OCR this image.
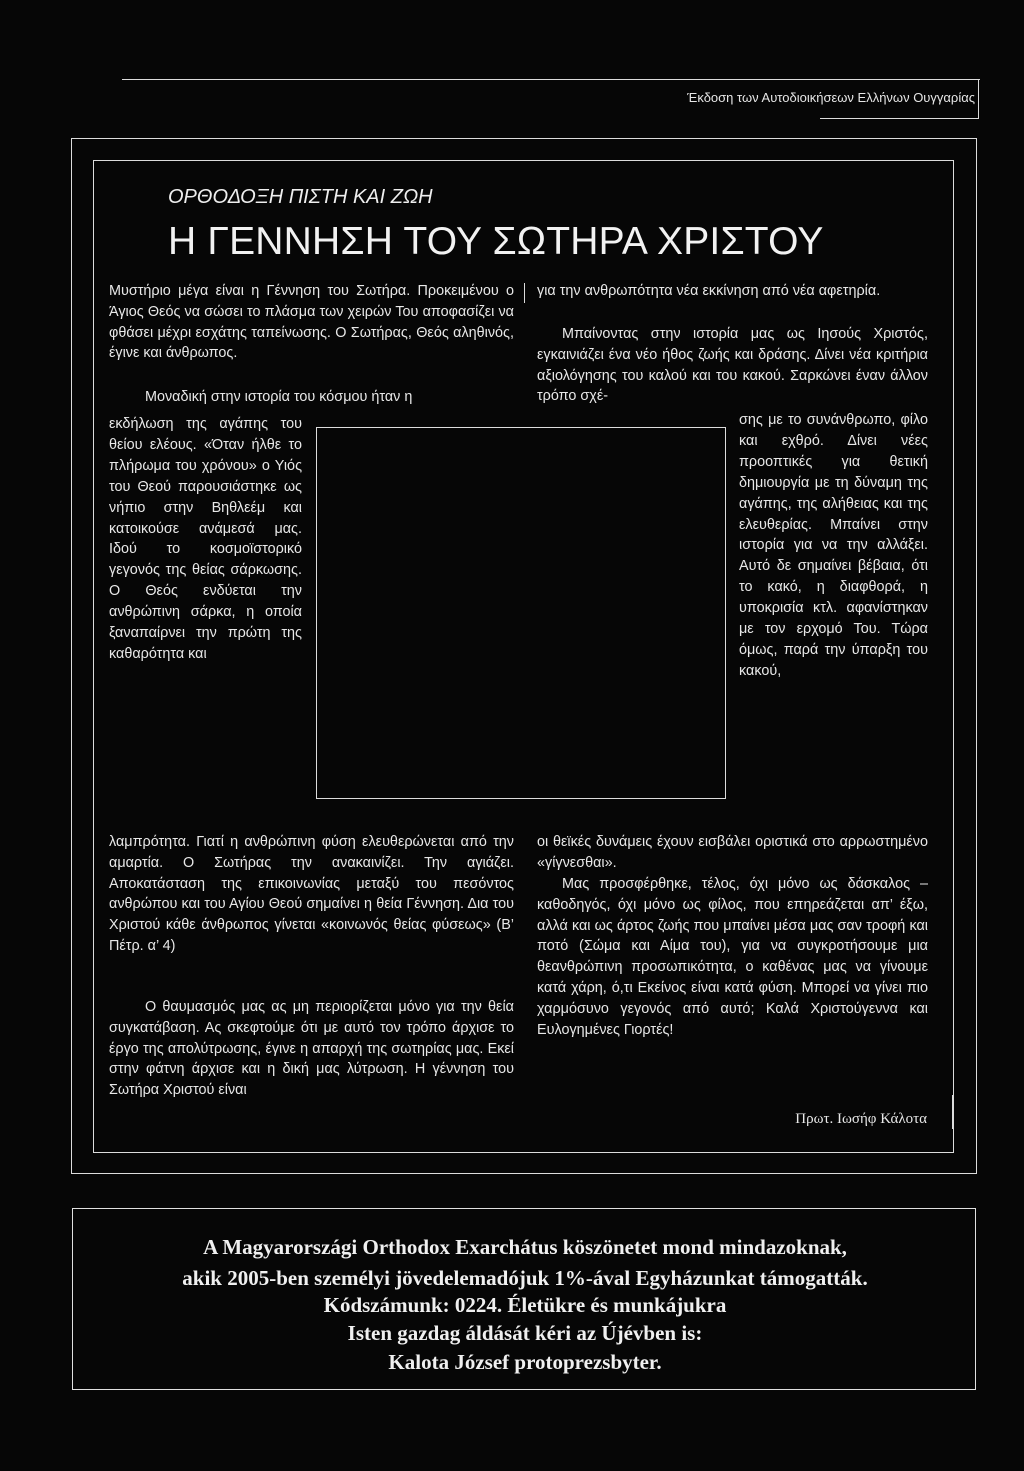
Έκδοση των Αυτοδιοικήσεων Ελλήνων Ουγγαρίας
ΟΡΘΟΔΟΞΗ ΠΙΣΤΗ ΚΑΙ ΖΩΗ
Η ΓΕΝΝΗΣΗ ΤΟΥ ΣΩΤΗΡΑ ΧΡΙΣΤΟΥ

Μυστήριο μέγα είναι η Γέννηση του Σωτήρα. Προκειμένου ο Άγιος Θεός να σώσει το πλάσμα των χειρών Του αποφασίζει να φθάσει μέχρι εσχάτης ταπείνωσης. Ο Σωτήρας, Θεός αληθινός, έγινε και άνθρωπος.

Μοναδική στην ιστορία του κόσμου ήταν η

εκδήλωση της αγάπης του θείου ελέους. «Όταν ήλθε το πλήρωμα του χρόνου» ο Υιός του Θεού παρουσιάστηκε ως νήπιο στην Βηθλεέμ και κατοικούσε ανάμεσά μας. Ιδού το κοσμοϊστορικό γεγονός της θείας σάρκωσης. Ο Θεός ενδύεται την ανθρώπινη σάρκα, η οποία ξαναπαίρνει την πρώτη της καθαρότητα και

λαμπρότητα. Γιατί η ανθρώπινη φύση ελευθερώνεται από την αμαρτία. Ο Σωτήρας την ανακαινίζει. Την αγιάζει. Αποκατάσταση της επικοινωνίας μεταξύ του πεσόντος ανθρώπου και του Αγίου Θεού σημαίνει η θεία Γέννηση. Δια του Χριστού κάθε άνθρωπος γίνεται «κοινωνός θείας φύσεως» (Β’ Πέτρ. α’ 4)

Ο θαυμασμός μας ας μη περιορίζεται μόνο για την θεία συγκατάβαση. Ας σκεφτούμε ότι με αυτό τον τρόπο άρχισε το έργο της απολύτρωσης, έγινε η απαρχή της σωτηρίας μας. Εκεί στην φάτνη άρχισε και η δική μας λύτρωση. Η γέννηση του Σωτήρα Χριστού είναι

για την ανθρωπότητα νέα εκκίνηση από νέα αφετηρία.

Μπαίνοντας στην ιστορία μας ως Ιησούς Χριστός, εγκαινιάζει ένα νέο ήθος ζωής και δράσης. Δίνει νέα κριτήρια αξιολόγησης του καλού και του κακού. Σαρκώνει έναν άλλον τρόπο σχέ-

σης με το συνάνθρωπο, φίλο και εχθρό. Δίνει νέες προοπτικές για θετική δημιουργία με τη δύναμη της αγάπης, της αλήθειας και της ελευθερίας. Μπαίνει στην ιστορία για να την αλλάξει. Αυτό δε σημαίνει βέβαια, ότι το κακό, η διαφθορά, η υποκρισία κτλ. αφανίστηκαν με τον ερχομό Του. Τώρα όμως, παρά την ύπαρξη του κακού,

οι θεϊκές δυνάμεις έχουν εισβάλει οριστικά στο αρρωστημένο «γίγνεσθαι».

Μας προσφέρθηκε, τέλος, όχι μόνο ως δάσκαλος – καθοδηγός, όχι μόνο ως φίλος, που επηρεάζεται απ’ έξω, αλλά και ως άρτος ζωής που μπαίνει μέσα μας σαν τροφή και ποτό (Σώμα και Αίμα του), για να συγκροτήσουμε μια θεανθρώπινη προσωπικότητα, ο καθένας μας να γίνουμε κατά χάρη, ό,τι Εκείνος είναι κατά φύση. Μπορεί να γίνει πιο χαρμόσυνο γεγονός από αυτό; Καλά Χριστούγεννα και Ευλογημένες Γιορτές!

Πρωτ. Ιωσήφ Κάλοτα
A Magyarországi Orthodox Exarchátus köszönetet mond mindazoknak,
akik 2005-ben személyi jövedelemadójuk 1%-ával Egyházunkat támogatták.
Kódszámunk: 0224. Életükre és munkájukra
Isten gazdag áldását kéri az Újévben is:
Kalota József protoprezsbyter.
